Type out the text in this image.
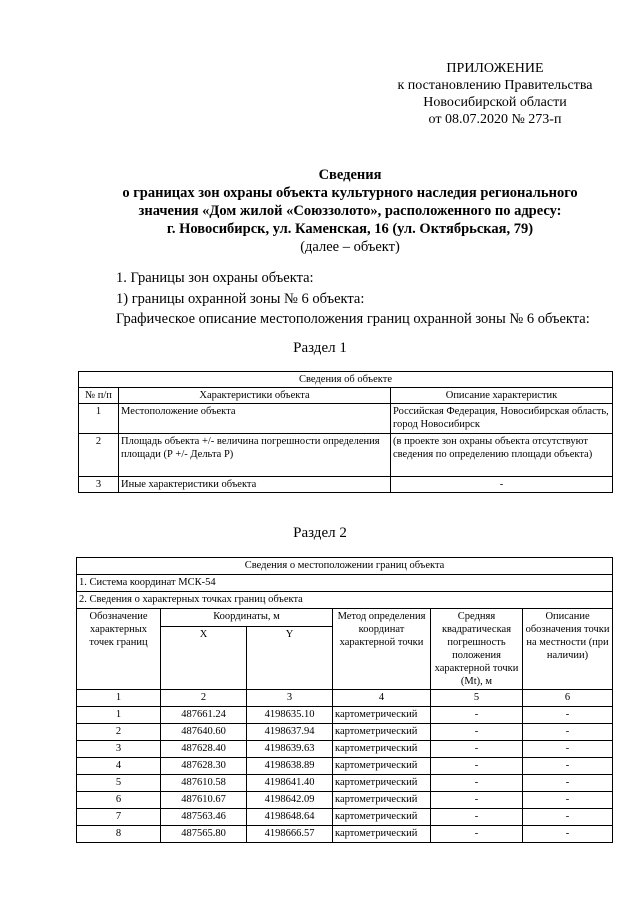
ПРИЛОЖЕНИЕ
к постановлению Правительства
Новосибирской области
от 08.07.2020 № 273-п
Сведения
о границах зон охраны объекта культурного наследия регионального
значения «Дом жилой «Союззолото», расположенного по адресу:
г. Новосибирск, ул. Каменская, 16 (ул. Октябрьская, 79)
(далее – объект)
1. Границы зон охраны объекта:
1) границы охранной зоны № 6 объекта:
Графическое описание местоположения границ охранной зоны № 6 объекта:
Раздел 1
Сведения об объекте		
№ п/п	Характеристики объекта	Описание характеристик
1	Местоположение объекта	Российская Федерация, Новосибирская область, город Новосибирск
2	Площадь объекта +/- величина погрешности определения площади (Р +/- Дельта Р)	(в проекте зон охраны объекта отсутствуют сведения по определению площади объекта)
3	Иные характеристики объекта	-
Раздел 2
Сведения о местоположении границ объекта					
1. Система координат МСК-54					
2. Сведения о характерных точках границ объекта					
Обозначение характерных точек границ	Координаты, м		Метод определения координат характерной точки	Средняя квадратическая погрешность положения характерной точки (Mt), м	Описание обозначения точки на местности (при наличии)
	X	Y			
1	2	3	4	5	6
1	487661.24	4198635.10	картометрический	-	-
2	487640.60	4198637.94	картометрический	-	-
3	487628.40	4198639.63	картометрический	-	-
4	487628.30	4198638.89	картометрический	-	-
5	487610.58	4198641.40	картометрический	-	-
6	487610.67	4198642.09	картометрический	-	-
7	487563.46	4198648.64	картометрический	-	-
8	487565.80	4198666.57	картометрический	-	-
